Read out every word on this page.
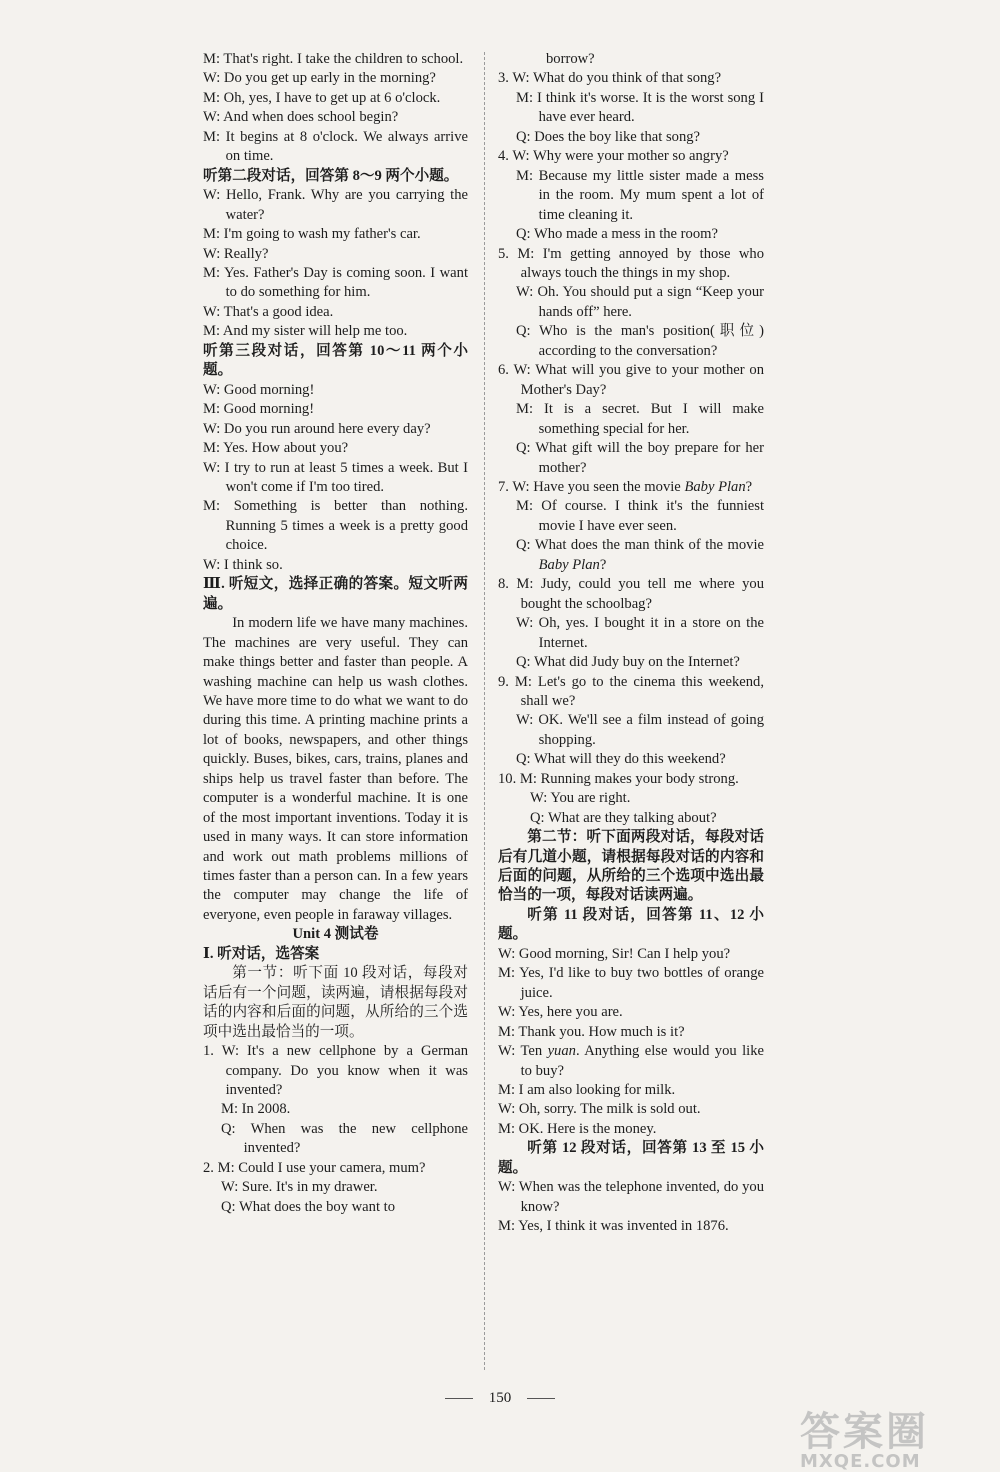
M: That's right. I take the children to school.

W: Do you get up early in the morning?

M: Oh, yes, I have to get up at 6 o'clock.

W: And when does school begin?

M: It begins at 8 o'clock. We always arrive on time.

听第二段对话，回答第 8～9 两个小题。

W: Hello, Frank. Why are you carrying the water?

M: I'm going to wash my father's car.

W: Really?

M: Yes. Father's Day is coming soon. I want to do something for him.

W: That's a good idea.

M: And my sister will help me too.

听第三段对话，回答第 10～11 两个小题。

W: Good morning!

M: Good morning!

W: Do you run around here every day?

M: Yes. How about you?

W: I try to run at least 5 times a week. But I won't come if I'm too tired.

M: Something is better than nothing. Running 5 times a week is a pretty good choice.

W: I think so.

Ⅲ. 听短文，选择正确的答案。短文听两遍。

In modern life we have many machines. The machines are very useful. They can make things better and faster than people. A washing machine can help us wash clothes. We have more time to do what we want to do during this time. A printing machine prints a lot of books, newspapers, and other things quickly. Buses, bikes, cars, trains, planes and ships help us travel faster than before. The computer is a wonderful machine. It is one of the most important inventions. Today it is used in many ways. It can store information and work out math problems millions of times faster than a person can. In a few years the computer may change the life of everyone, even people in faraway villages.

Unit 4 测试卷

Ⅰ. 听对话，选答案

第一节：听下面 10 段对话，每段对话后有一个问题，读两遍，请根据每段对话的内容和后面的问题，从所给的三个选项中选出最恰当的一项。

1. W: It's a new cellphone by a German company. Do you know when it was invented?

M: In 2008.

Q: When was the new cellphone invented?

2. M: Could I use your camera, mum?

W: Sure. It's in my drawer.

Q: What does the boy want to

borrow?

3. W: What do you think of that song?

M: I think it's worse. It is the worst song I have ever heard.

Q: Does the boy like that song?

4. W: Why were your mother so angry?

M: Because my little sister made a mess in the room. My mum spent a lot of time cleaning it.

Q: Who made a mess in the room?

5. M: I'm getting annoyed by those who always touch the things in my shop.

W: Oh. You should put a sign “Keep your hands off” here.

Q: Who is the man's position(职位) according to the conversation?

6. W: What will you give to your mother on Mother's Day?

M: It is a secret. But I will make something special for her.

Q: What gift will the boy prepare for her mother?

7. W: Have you seen the movie Baby Plan?

M: Of course. I think it's the funniest movie I have ever seen.

Q: What does the man think of the movie Baby Plan?

8. M: Judy, could you tell me where you bought the schoolbag?

W: Oh, yes. I bought it in a store on the Internet.

Q: What did Judy buy on the Internet?

9. M: Let's go to the cinema this weekend, shall we?

W: OK. We'll see a film instead of going shopping.

Q: What will they do this weekend?

10. M: Running makes your body strong.

W: You are right.

Q: What are they talking about?

第二节：听下面两段对话，每段对话后有几道小题，请根据每段对话的内容和后面的问题，从所给的三个选项中选出最恰当的一项，每段对话读两遍。

听第 11 段对话，回答第 11、12 小题。

W: Good morning, Sir! Can I help you?

M: Yes, I'd like to buy two bottles of orange juice.

W: Yes, here you are.

M: Thank you. How much is it?

W: Ten yuan. Anything else would you like to buy?

M: I am also looking for milk.

W: Oh, sorry. The milk is sold out.

M: OK. Here is the money.

听第 12 段对话，回答第 13 至 15 小题。

W: When was the telephone invented, do you know?

M: Yes, I think it was invented in 1876.

150
答案圈
MXQE.COM
